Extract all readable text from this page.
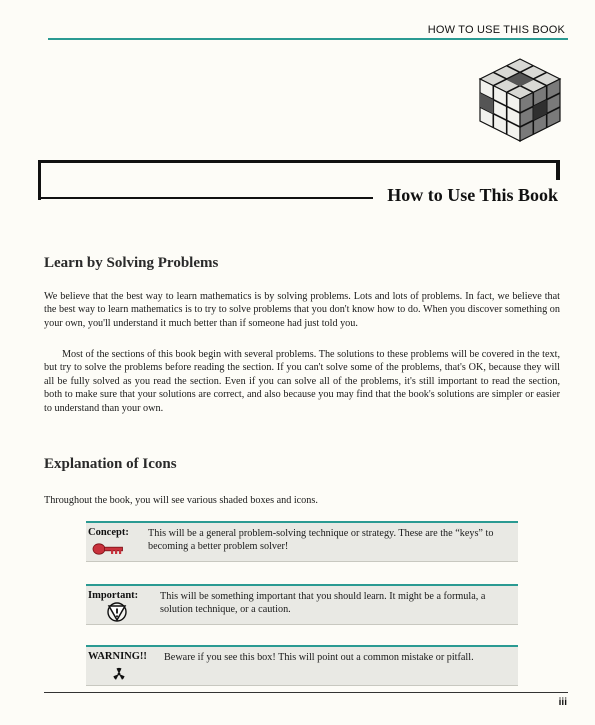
HOW TO USE THIS BOOK
How to Use This Book
Learn by Solving Problems

We believe that the best way to learn mathematics is by solving problems. Lots and lots of problems. In fact, we believe that the best way to learn mathematics is to try to solve problems that you don't know how to do. When you discover something on your own, you'll understand it much better than if someone had just told you.

Most of the sections of this book begin with several problems. The solutions to these problems will be covered in the text, but try to solve the problems before reading the section. If you can't solve some of the problems, that's OK, because they will all be fully solved as you read the section. Even if you can solve all of the problems, it's still important to read the section, both to make sure that your solutions are correct, and also because you may find that the book's solutions are simpler or easier to understand than your own.

Explanation of Icons

Throughout the book, you will see various shaded boxes and icons.

Concept: This will be a general problem-solving technique or strategy. These are the “keys” to becoming a better problem solver!
Important: This will be something important that you should learn. It might be a formula, a solution technique, or a caution.
WARNING!! Beware if you see this box! This will point out a common mistake or pitfall.
iii
